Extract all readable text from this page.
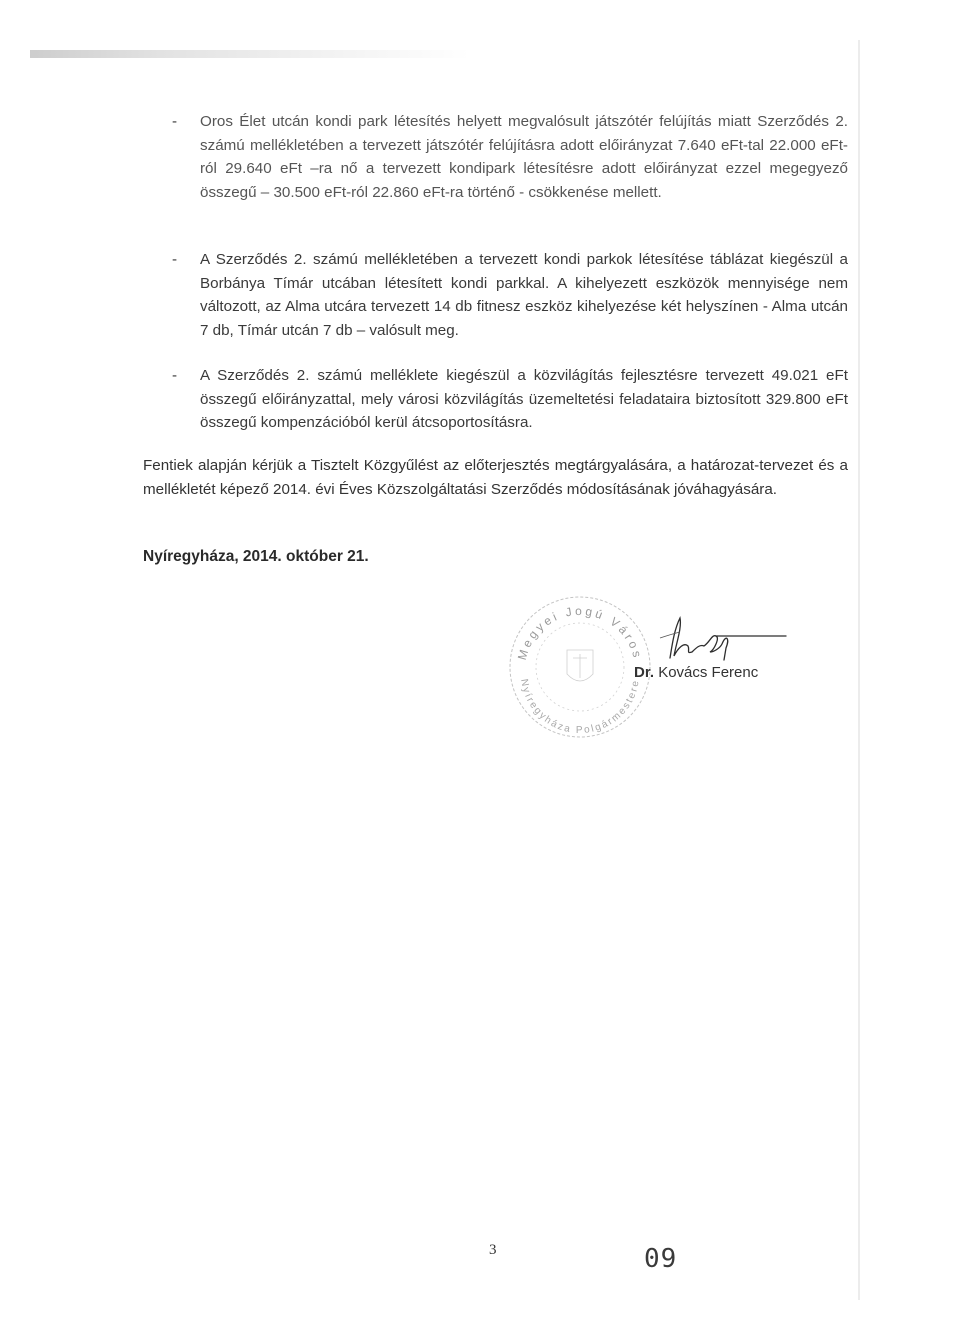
- Oros Élet utcán kondi park létesítés helyett megvalósult játszótér felújítás miatt Szerződés 2. számú mellékletében a tervezett játszótér felújításra adott előirányzat 7.640 eFt-tal 22.000 eFt-ról 29.640 eFt –ra nő a tervezett kondipark létesítésre adott előirányzat ezzel megegyező összegű – 30.500 eFt-ról 22.860 eFt-ra történő - csökkenése mellett.
- A Szerződés 2. számú mellékletében a tervezett kondi parkok létesítése táblázat kiegészül a Borbánya Tímár utcában létesített kondi parkkal. A kihelyezett eszközök mennyisége nem változott, az Alma utcára tervezett 14 db fitnesz eszköz kihelyezése két helyszínen - Alma utcán 7 db, Tímár utcán 7 db – valósult meg.
- A Szerződés 2. számú melléklete kiegészül a közvilágítás fejlesztésre tervezett 49.021 eFt összegű előirányzattal, mely városi közvilágítás üzemeltetési feladataira biztosított 329.800 eFt összegű kompenzációból kerül átcsoportosításra.
Fentiek alapján kérjük a Tisztelt Közgyűlést az előterjesztés megtárgyalására, a határozat-tervezet és a mellékletét képező 2014. évi Éves Közszolgáltatási Szerződés módosításának jóváhagyására.
Nyíregyháza, 2014. október 21.
Megyei Jogú Város
Nyíregyháza Polgármestere
Dr. Kovács Ferenc
3	09
